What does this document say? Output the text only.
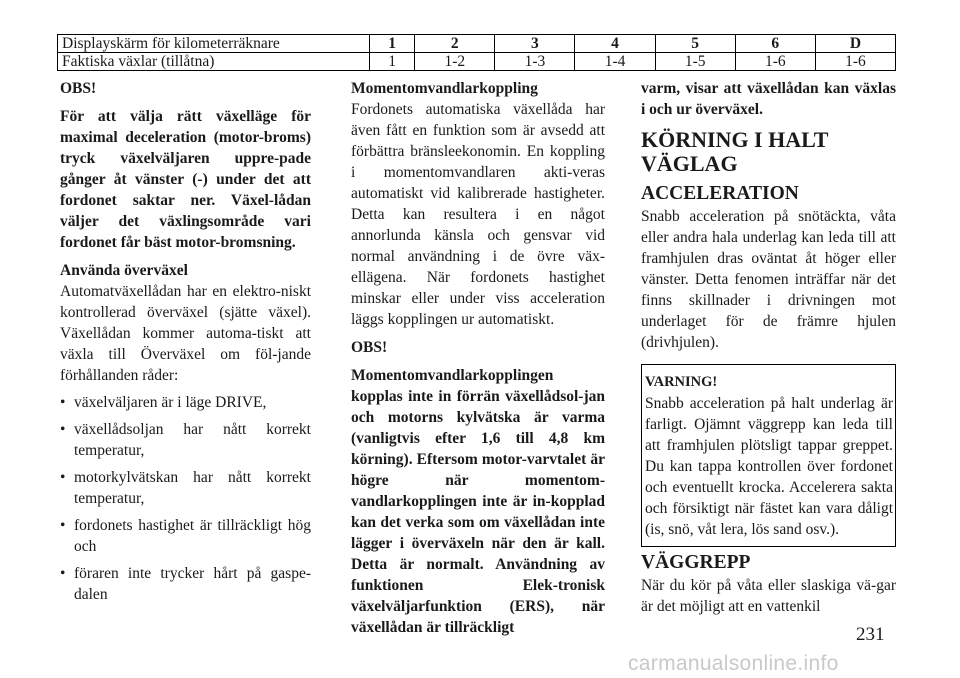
Displayskärm för kilometerräknare	1	2	3	4	5	6	D
Faktiska växlar (tillåtna)	1	1-2	1-3	1-4	1-5	1-6	1-6

OBS!

För att välja rätt växelläge för maximal deceleration (motor-broms) tryck växelväljaren uppre-pade gånger åt vänster (-) under det att fordonet saktar ner. Växel-lådan väljer det växlingsområde vari fordonet får bäst motor-bromsning.

Använda överväxel

Automatväxellådan har en elektro-niskt kontrollerad överväxel (sjätte växel). Växellådan kommer automa-tiskt att växla till Överväxel om föl-jande förhållanden råder:

• växelväljaren är i läge DRIVE,
• växellådsoljan har nått korrekt temperatur,
• motorkylvätskan har nått korrekt temperatur,
• fordonets hastighet är tillräckligt hög och
• föraren inte trycker hårt på gaspe-dalen

Momentomvandlarkoppling

Fordonets automatiska växellåda har även fått en funktion som är avsedd att förbättra bränsleekonomin. En koppling i momentomvandlaren akti-veras automatiskt vid kalibrerade hastigheter. Detta kan resultera i en något annorlunda känsla och gensvar vid normal användning i de övre väx-ellägena. När fordonets hastighet minskar eller under viss acceleration läggs kopplingen ur automatiskt.

OBS!

Momentomvandlarkopplingen kopplas inte in förrän växellådsol-jan och motorns kylvätska är varma (vanligtvis efter 1,6 till 4,8 km körning). Eftersom motor-varvtalet är högre när momentom-vandlarkopplingen inte är in-kopplad kan det verka som om växellådan inte lägger i överväxeln när den är kall. Detta är normalt. Användning av funktionen Elek-tronisk växelväljarfunktion (ERS), när växellådan är tillräckligt

varm, visar att växellådan kan växlas i och ur överväxel.

KÖRNING I HALT VÄGLAG
ACCELERATION

Snabb acceleration på snötäckta, våta eller andra hala underlag kan leda till att framhjulen dras oväntat åt höger eller vänster. Detta fenomen inträffar när det finns skillnader i drivningen mot underlaget för de främre hjulen (drivhjulen).

VARNING!

Snabb acceleration på halt underlag är farligt. Ojämnt väggrepp kan leda till att framhjulen plötsligt tappar greppet. Du kan tappa kontrollen över fordonet och eventuellt krocka. Accelerera sakta och försiktigt när fästet kan vara dåligt (is, snö, våt lera, lös sand osv.).

VÄGGREPP

När du kör på våta eller slaskiga vä-gar är det möjligt att en vattenkil

231
carmanualsonline.info
